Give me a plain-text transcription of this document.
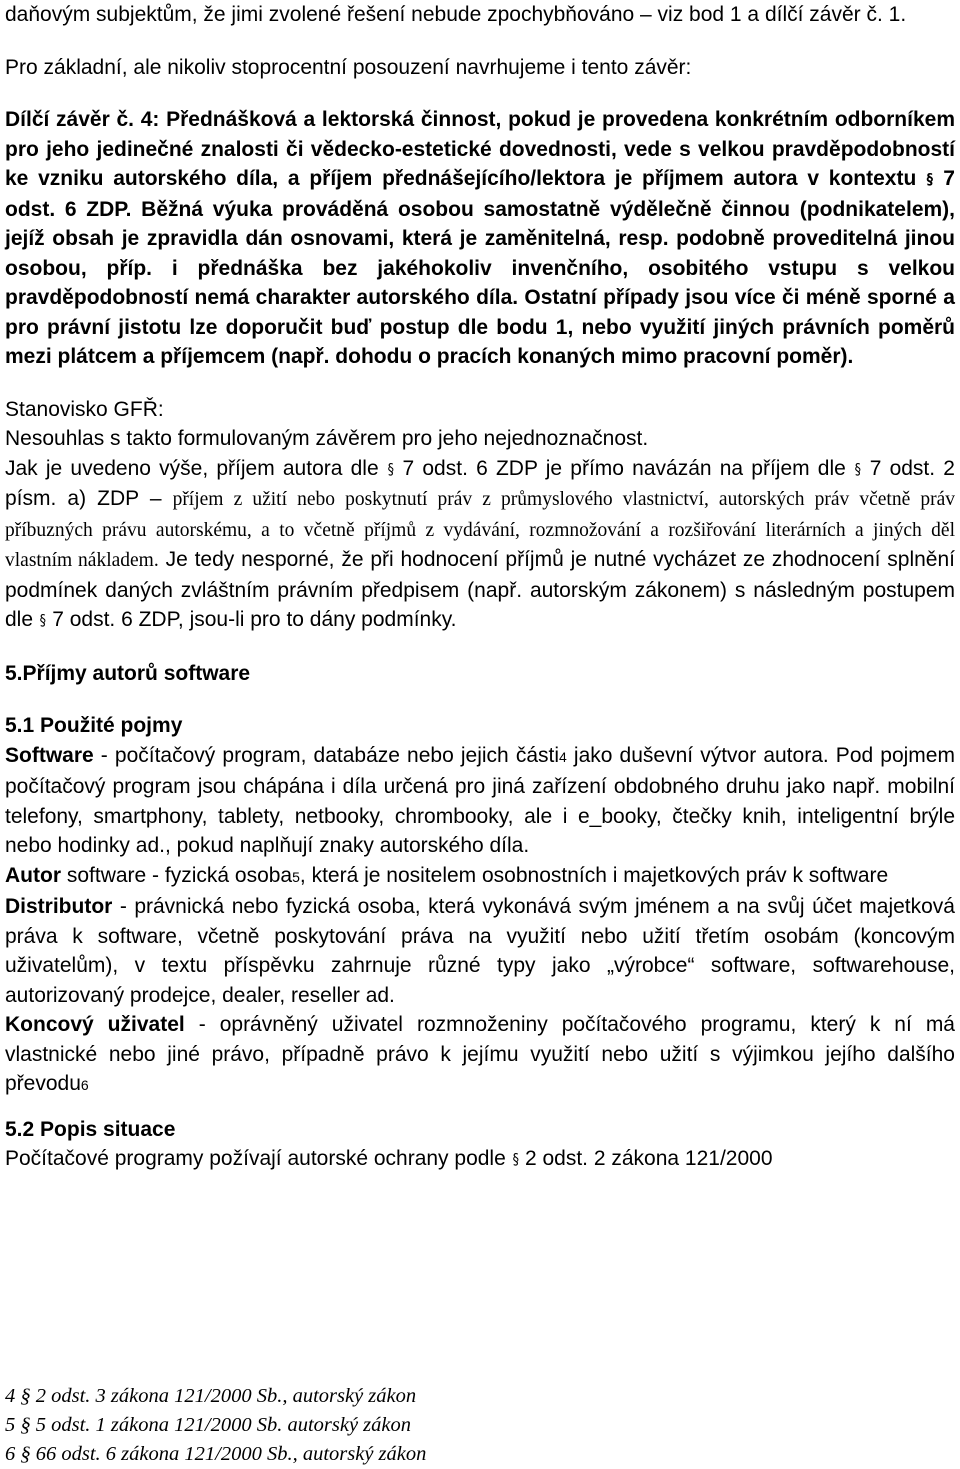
daňovým subjektům, že jimi zvolené řešení nebude zpochybňováno – viz bod 1 a dílčí závěr č. 1.

Pro základní, ale nikoliv stoprocentní posouzení navrhujeme i tento závěr:

Dílčí závěr č. 4: Přednášková a lektorská činnost, pokud je provedena konkrétním odborníkem pro jeho jedinečné znalosti či vědecko-estetické dovednosti, vede s velkou pravděpodobností ke vzniku autorského díla, a příjem přednášejícího/lektora je příjmem autora v kontextu § 7 odst. 6 ZDP. Běžná výuka prováděná osobou samostatně výdělečně činnou (podnikatelem), jejíž obsah je zpravidla dán osnovami, která je zaměnitelná, resp. podobně proveditelná jinou osobou, příp. i přednáška bez jakéhokoliv invenčního, osobitého vstupu s velkou pravděpodobností nemá charakter autorského díla. Ostatní případy jsou více či méně sporné a pro právní jistotu lze doporučit buď postup dle bodu 1, nebo využití jiných právních poměrů mezi plátcem a příjemcem (např. dohodu o pracích konaných mimo pracovní poměr).

Stanovisko GFŘ:

Nesouhlas s takto formulovaným závěrem pro jeho nejednoznačnost.

Jak je uvedeno výše, příjem autora dle § 7 odst. 6 ZDP je přímo navázán na příjem dle § 7 odst. 2 písm. a) ZDP – příjem z užití nebo poskytnutí práv z průmyslového vlastnictví, autorských práv včetně práv příbuzných právu autorskému, a to včetně příjmů z vydávání, rozmnožování a rozšiřování literárních a jiných děl vlastním nákladem. Je tedy nesporné, že při hodnocení příjmů je nutné vycházet ze zhodnocení splnění podmínek daných zvláštním právním předpisem (např. autorským zákonem) s následným postupem dle § 7 odst. 6 ZDP, jsou-li pro to dány podmínky.

5.Příjmy autorů software

5.1 Použité pojmy

Software - počítačový program, databáze nebo jejich části4 jako duševní výtvor autora. Pod pojmem počítačový program jsou chápána i díla určená pro jiná zařízení obdobného druhu jako např. mobilní telefony, smartphony, tablety, netbooky, chrombooky, ale i e_booky, čtečky knih, inteligentní brýle nebo hodinky ad., pokud naplňují znaky autorského díla.

Autor software - fyzická osoba5, která je nositelem osobnostních i majetkových práv k software

Distributor - právnická nebo fyzická osoba, která vykonává svým jménem a na svůj účet majetková práva k software, včetně poskytování práva na využití nebo užití třetím osobám (koncovým uživatelům), v textu příspěvku zahrnuje různé typy jako „výrobce“ software, softwarehouse, autorizovaný prodejce, dealer, reseller ad.

Koncový uživatel - oprávněný uživatel rozmnoženiny počítačového programu, který k ní má vlastnické nebo jiné právo, případně právo k jejímu využití nebo užití s výjimkou jejího dalšího převodu6

5.2 Popis situace

Počítačové programy požívají autorské ochrany podle § 2 odst. 2 zákona 121/2000

4 § 2 odst. 3 zákona 121/2000 Sb., autorský zákon
5 § 5 odst. 1 zákona 121/2000 Sb. autorský zákon
6 § 66 odst. 6 zákona 121/2000 Sb., autorský zákon
